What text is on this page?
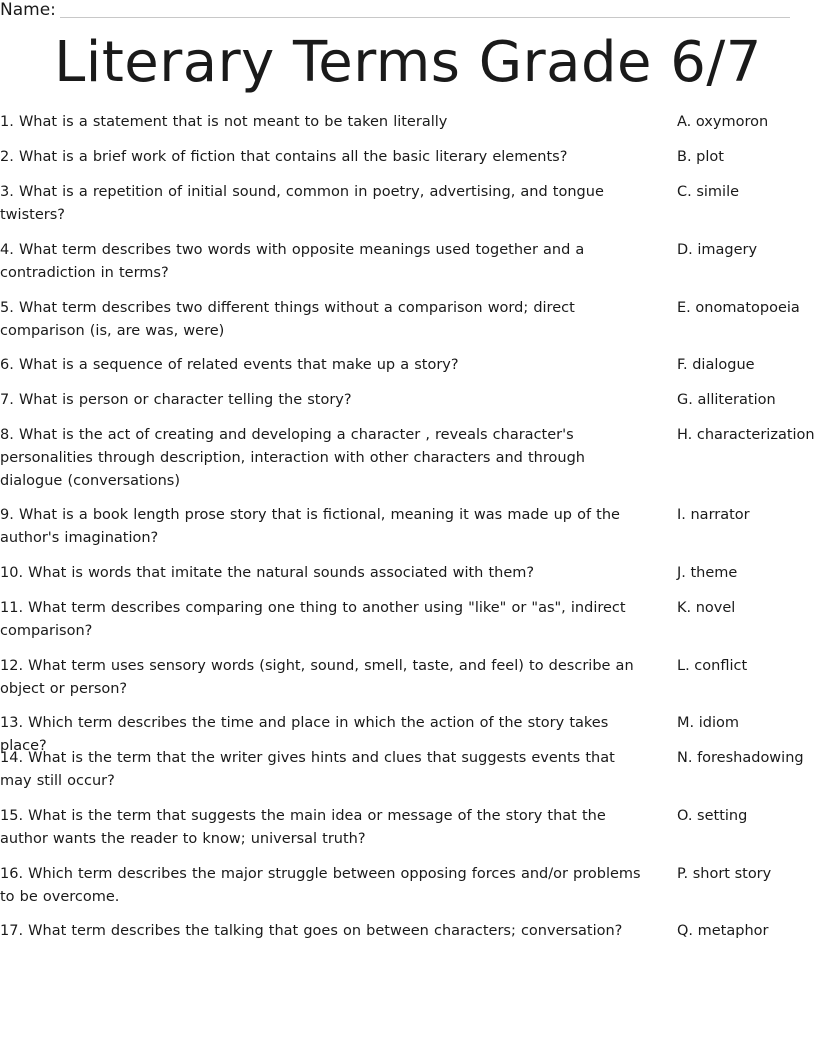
Name:
Literary Terms Grade 6/7
1. What is a statement that is not meant to be taken literally	A. oxymoron
2. What is a brief work of fiction that contains all the basic literary elements?	B. plot
3. What is a repetition of initial sound, common in poetry, advertising, and tongue twisters?
C. simile
4. What term describes two words with opposite meanings used together and a contradiction in terms?
D. imagery
5. What term describes two different things without a comparison word; direct comparison (is, are was, were)
E. onomatopoeia
6. What is a sequence of related events that make up a story?	F. dialogue
7. What is person or character telling the story?	G. alliteration
8. What is the act of creating and developing a character , reveals character's personalities through description, interaction with other characters and through dialogue (conversations)
H. characterization
9. What is a book length prose story that is fictional, meaning it was made up of the author's imagination?
I. narrator
10. What is words that imitate the natural sounds associated with them?	J. theme
11. What term describes comparing one thing to another using "like" or "as", indirect comparison?
K. novel
12. What term uses sensory words (sight, sound, smell, taste, and feel) to describe an object or person?
L. conflict
13. Which term describes the time and place in which the action of the story takes place?
M. idiom
14. What is the term that the writer gives hints and clues that suggests events that may still occur?
N. foreshadowing
15. What is the term that suggests the main idea or message of the story that the author wants the reader to know; universal truth?
O. setting
16. Which term describes the major struggle between opposing forces and/or problems to be overcome.
P. short story
17. What term describes the talking that goes on between characters; conversation?	Q. metaphor
